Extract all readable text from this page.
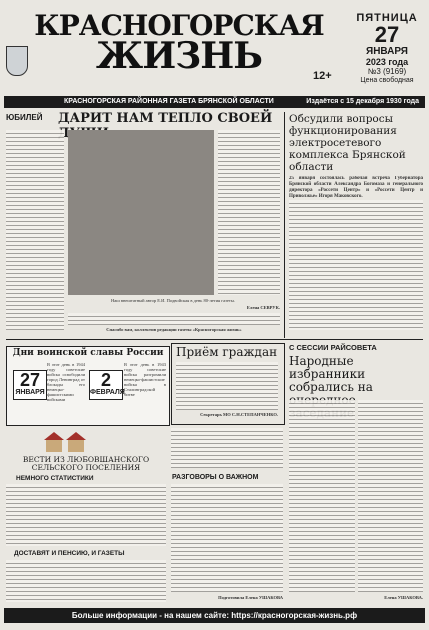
КРАСНОГОРСКАЯ
ЖИЗНЬ	12+
ПЯТНИЦА
27
ЯНВАРЯ
2023 года
№3 (9169)
Цена свободная
КРАСНОГОРСКАЯ РАЙОННАЯ ГАЗЕТА БРЯНСКОЙ ОБЛАСТИ	Издаётся с 15 декабря 1930 года
ЮБИЛЕЙ ДАРИТ НАМ ТЕПЛО СВОЕЙ
Наш внештатный автор Е.И. Подвойская в день 80-летия газеты.
Елена СЕВРУК.
Спасибо вам, коллектив редакции газеты «Красногорская жизнь»
Обсудили вопросы функционирования электросетевого комплекса Брянской области
25 января состоялась рабочая встреча Губернатора Брянской области Александра Богомаза и генерального директора «Россети Центр» и «Россети Центр и Приволжье» Игоря Маковского.
С СЕССИИ РАЙСОВЕТА
Народные избранники собрались на
Елена УШАКОВА.
Приём граждан
Секретарь МО С.Н.СТЕПАНЧЕНКО.
Дни воинской славы России
27
ЯНВАРЯ
В этот день в 1944 году советские войска освободили город Ленинград от блокады его немецко-фашистскими войсками
2
ФЕВРАЛЯ
В этот день в 1943 году советские войска разгромили немецко-фашистские войска в Сталинградской битве
ВЕСТИ ИЗ ЛЮБОВШАНСКОГО СЕЛЬСКОГО ПОСЕЛЕНИЯ
НЕМНОГО СТАТИСТИКИ
ДОСТАВЯТ И ПЕНСИЮ, И ГАЗЕТЫ
РАЗГОВОРЫ О ВАЖНОМ
Подготовила Елена УШАКОВА
Больше информации - на нашем сайте: https://красногорская-жизнь.рф
